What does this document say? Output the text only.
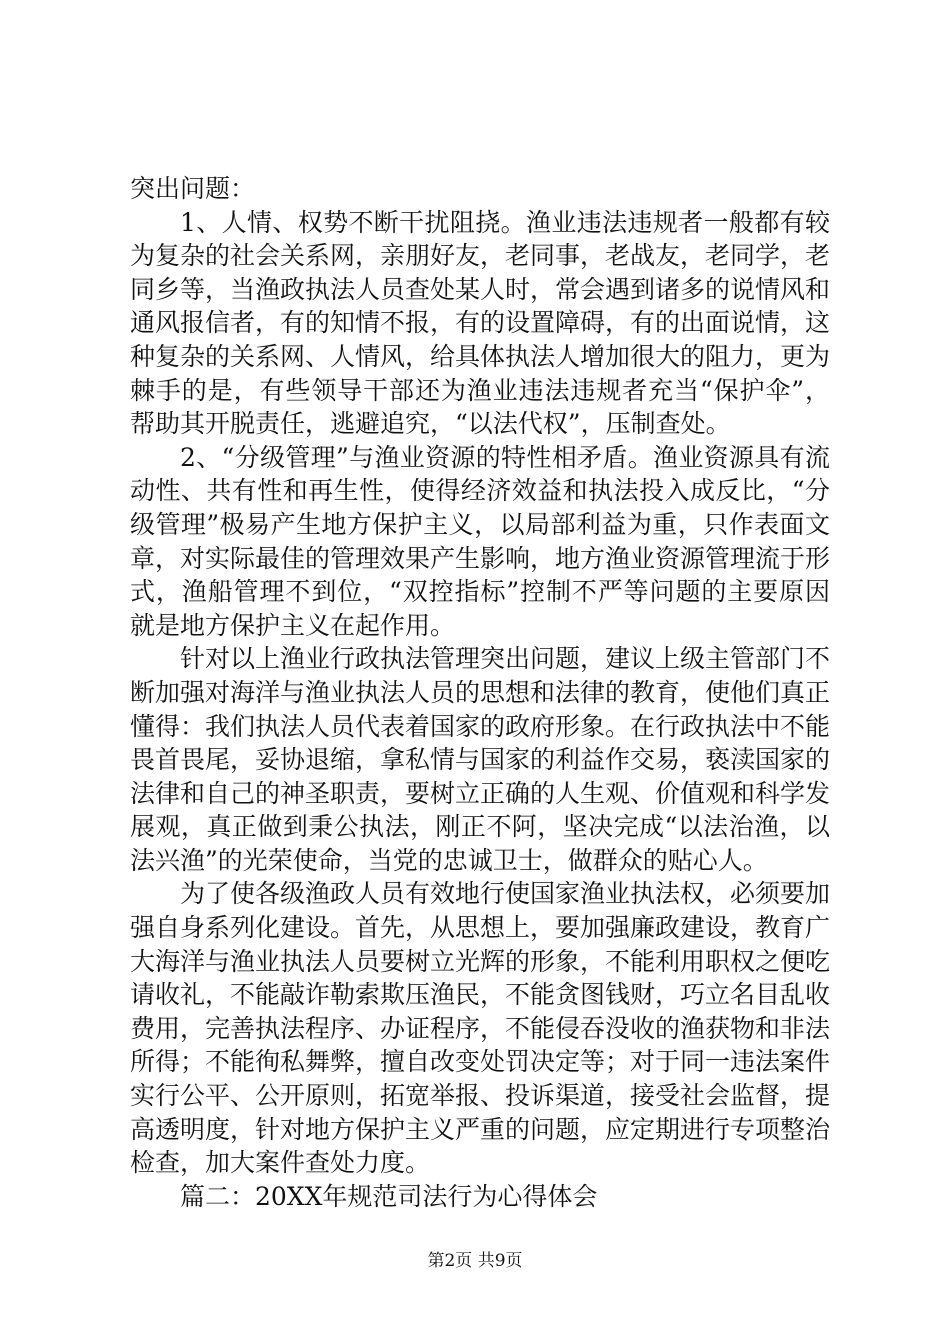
突出问题：

1、人情、权势不断干扰阻挠。渔业违法违规者一般都有较为复杂的社会关系网，亲朋好友，老同事，老战友，老同学，老同乡等，当渔政执法人员查处某人时，常会遇到诸多的说情风和通风报信者，有的知情不报，有的设置障碍，有的出面说情，这种复杂的关系网、人情风，给具体执法人增加很大的阻力，更为棘手的是，有些领导干部还为渔业违法违规者充当“保护伞”，帮助其开脱责任，逃避追究，“以法代权”，压制查处。

2、“分级管理”与渔业资源的特性相矛盾。渔业资源具有流动性、共有性和再生性，使得经济效益和执法投入成反比，“分级管理”极易产生地方保护主义，以局部利益为重，只作表面文章，对实际最佳的管理效果产生影响，地方渔业资源管理流于形式，渔船管理不到位，“双控指标”控制不严等问题的主要原因就是地方保护主义在起作用。

针对以上渔业行政执法管理突出问题，建议上级主管部门不断加强对海洋与渔业执法人员的思想和法律的教育，使他们真正懂得：我们执法人员代表着国家的政府形象。在行政执法中不能畏首畏尾，妥协退缩，拿私情与国家的利益作交易，亵渎国家的法律和自己的神圣职责，要树立正确的人生观、价值观和科学发展观，真正做到秉公执法，刚正不阿，坚决完成“以法治渔，以法兴渔”的光荣使命，当党的忠诚卫士，做群众的贴心人。

为了使各级渔政人员有效地行使国家渔业执法权，必须要加强自身系列化建设。首先，从思想上，要加强廉政建设，教育广大海洋与渔业执法人员要树立光辉的形象，不能利用职权之便吃请收礼，不能敲诈勒索欺压渔民，不能贪图钱财，巧立名目乱收费用，完善执法程序、办证程序，不能侵吞没收的渔获物和非法所得；不能徇私舞弊，擅自改变处罚决定等；对于同一违法案件实行公平、公开原则，拓宽举报、投诉渠道，接受社会监督，提高透明度，针对地方保护主义严重的问题，应定期进行专项整治检查，加大案件查处力度。

篇二：20XX年规范司法行为心得体会

第2页 共9页
